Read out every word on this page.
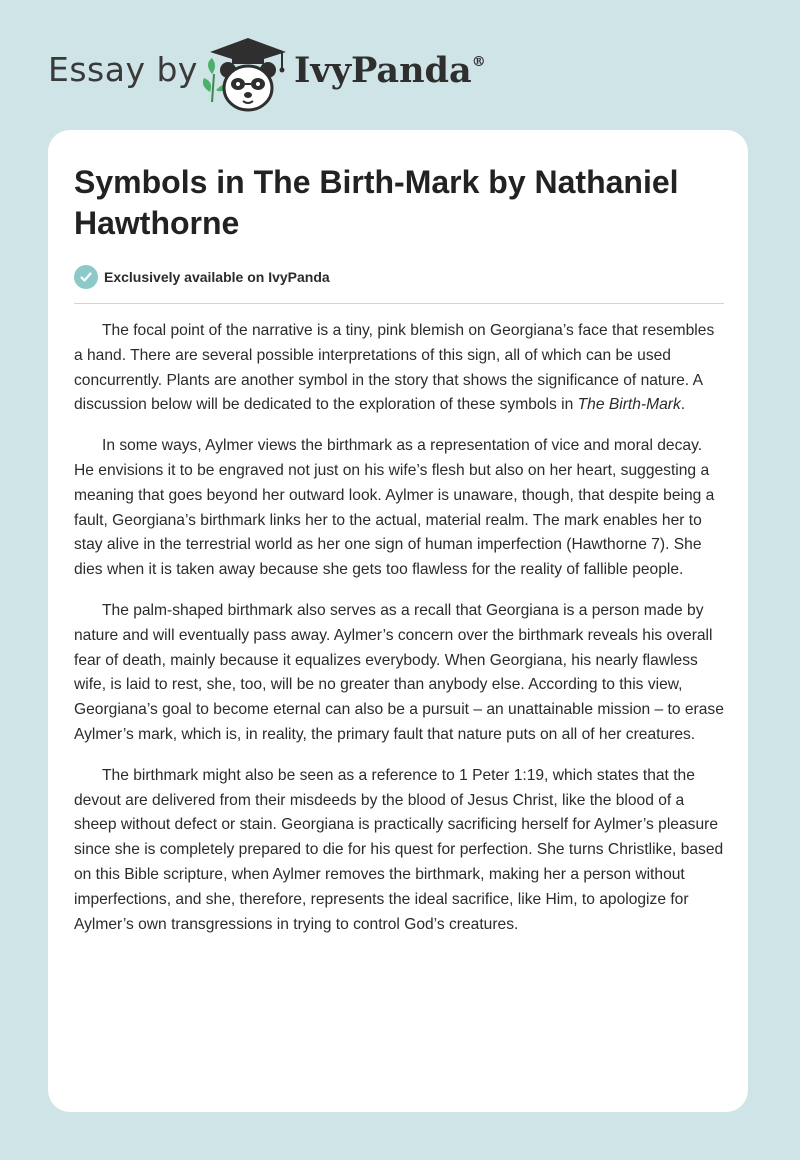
Essay by	IvyPanda®
Symbols in The Birth-Mark by Nathaniel Hawthorne
Exclusively available on IvyPanda

The focal point of the narrative is a tiny, pink blemish on Georgiana’s face that resembles a hand. There are several possible interpretations of this sign, all of which can be used concurrently. Plants are another symbol in the story that shows the significance of nature. A discussion below will be dedicated to the exploration of these symbols in The Birth-Mark.

In some ways, Aylmer views the birthmark as a representation of vice and moral decay. He envisions it to be engraved not just on his wife’s flesh but also on her heart, suggesting a meaning that goes beyond her outward look. Aylmer is unaware, though, that despite being a fault, Georgiana’s birthmark links her to the actual, material realm. The mark enables her to stay alive in the terrestrial world as her one sign of human imperfection (Hawthorne 7). She dies when it is taken away because she gets too flawless for the reality of fallible people.

The palm-shaped birthmark also serves as a recall that Georgiana is a person made by nature and will eventually pass away. Aylmer’s concern over the birthmark reveals his overall fear of death, mainly because it equalizes everybody. When Georgiana, his nearly flawless wife, is laid to rest, she, too, will be no greater than anybody else. According to this view, Georgiana’s goal to become eternal can also be a pursuit – an unattainable mission – to erase Aylmer’s mark, which is, in reality, the primary fault that nature puts on all of her creatures.

The birthmark might also be seen as a reference to 1 Peter 1:19, which states that the devout are delivered from their misdeeds by the blood of Jesus Christ, like the blood of a sheep without defect or stain. Georgiana is practically sacrificing herself for Aylmer’s pleasure since she is completely prepared to die for his quest for perfection. She turns Christlike, based on this Bible scripture, when Aylmer removes the birthmark, making her a person without imperfections, and she, therefore, represents the ideal sacrifice, like Him, to apologize for Aylmer’s own transgressions in trying to control God’s creatures.
